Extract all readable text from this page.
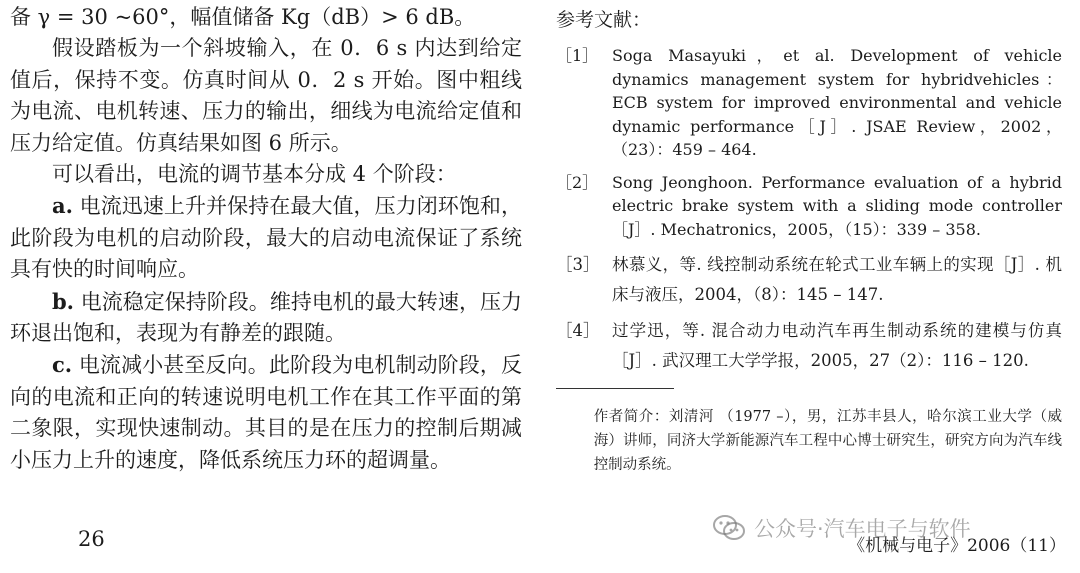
备 γ = 30 ~60°，幅值储备 Kg（dB）> 6 dB。

假设踏板为一个斜坡输入，在 0．6 s 内达到给定值后，保持不变。仿真时间从 0．2 s 开始。图中粗线为电流、电机转速、压力的输出，细线为电流给定值和压力给定值。仿真结果如图 6 所示。

可以看出，电流的调节基本分成 4 个阶段：

a. 电流迅速上升并保持在最大值，压力闭环饱和，此阶段为电机的启动阶段，最大的启动电流保证了系统具有快的时间响应。

b. 电流稳定保持阶段。维持电机的最大转速，压力环退出饱和，表现为有静差的跟随。

c. 电流减小甚至反向。此阶段为电机制动阶段，反向的电流和正向的转速说明电机工作在其工作平面的第二象限，实现快速制动。其目的是在压力的控制后期减小压力上升的速度，降低系统压力环的超调量。

26
参考文献：
［1］ Soga Masayuki，et al. Development of vehicle dynamics management system for hybridvehicles：ECB system for improved environmental and vehicle dynamic performance［J］. JSAE Review，2002，（23）：459 – 464.
［2］ Song Jeonghoon. Performance evaluation of a hybrid electric brake system with a sliding mode controller［J］. Mechatronics，2005，（15）：339 – 358.
［3］ 林慕义，等. 线控制动系统在轮式工业车辆上的实现［J］. 机床与液压，2004，（8）：145 – 147.
［4］ 过学迅，等. 混合动力电动汽车再生制动系统的建模与仿真［J］. 武汉理工大学学报，2005，27（2）：116 – 120.
作者简介：刘清河 （1977 –），男，江苏丰县人，哈尔滨工业大学（威海）讲师，同济大学新能源汽车工程中心博士研究生，研究方向为汽车线控制动系统。
公众号·汽车电子与软件
《机械与电子》2006（11）
